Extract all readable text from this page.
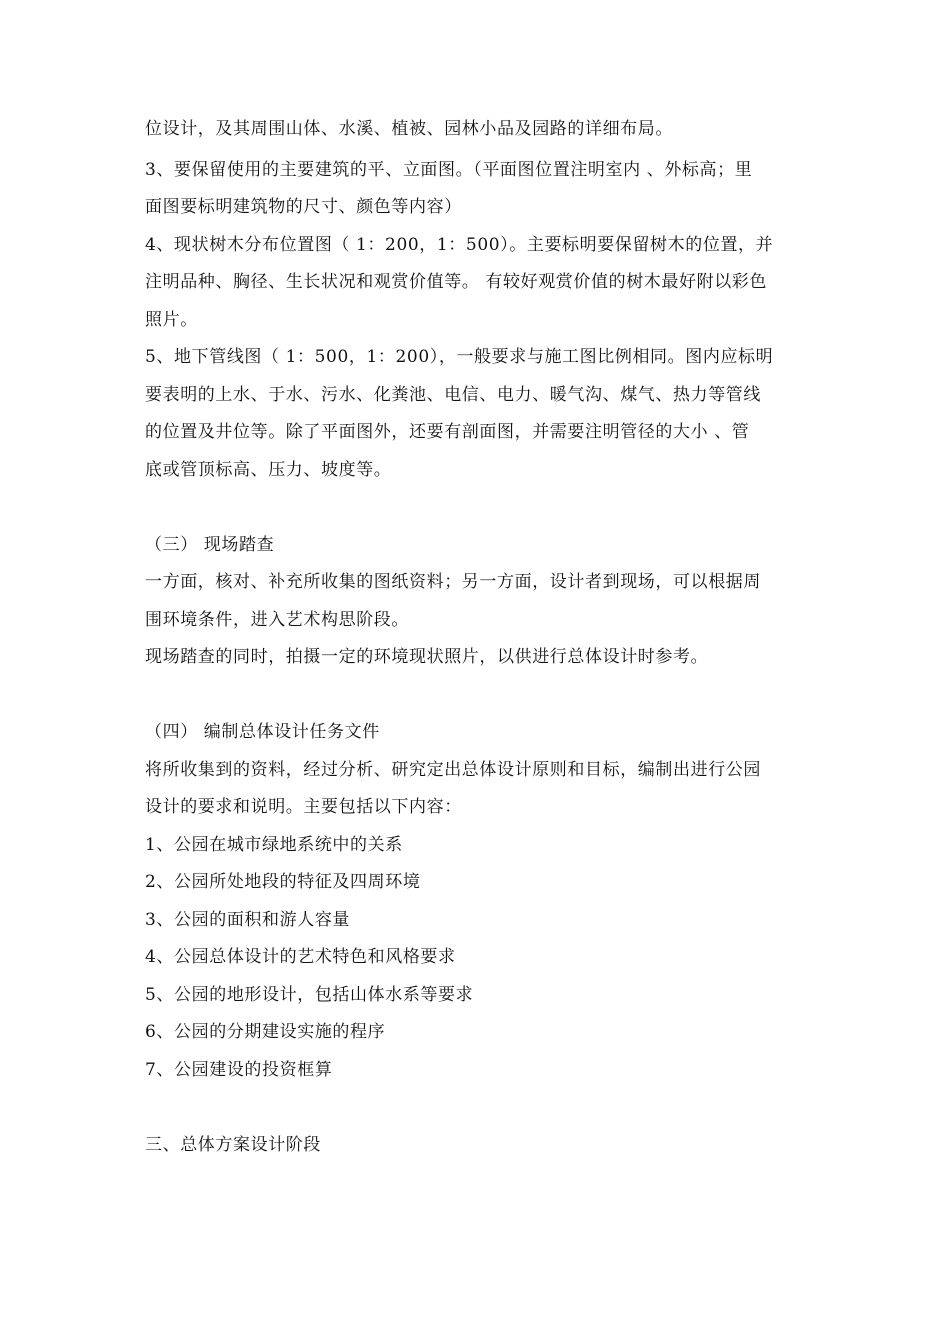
位设计，及其周围山体、水溪、植被、园林小品及园路的详细布局。
3、要保留使用的主要建筑的平、立面图。（平面图位置注明室内 、外标高；里
面图要标明建筑物的尺寸、颜色等内容）
4、现状树木分布位置图（ 1：200，1：500）。主要标明要保留树木的位置，并
注明品种、胸径、生长状况和观赏价值等。 有较好观赏价值的树木最好附以彩色
照片。
5、地下管线图（ 1：500，1：200），一般要求与施工图比例相同。图内应标明
要表明的上水、于水、污水、化粪池、电信、电力、暖气沟、煤气、热力等管线
的位置及井位等。除了平面图外，还要有剖面图，并需要注明管径的大小 、管
底或管顶标高、压力、坡度等。
（三） 现场踏查
一方面，核对、补充所收集的图纸资料；另一方面，设计者到现场，可以根据周
围环境条件，进入艺术构思阶段。
现场踏查的同时，拍摄一定的环境现状照片，以供进行总体设计时参考。
（四） 编制总体设计任务文件
将所收集到的资料，经过分析、研究定出总体设计原则和目标，编制出进行公园
设计的要求和说明。主要包括以下内容：
1、公园在城市绿地系统中的关系
2、公园所处地段的特征及四周环境
3、公园的面积和游人容量
4、公园总体设计的艺术特色和风格要求
5、公园的地形设计，包括山体水系等要求
6、公园的分期建设实施的程序
7、公园建设的投资框算
三、总体方案设计阶段
